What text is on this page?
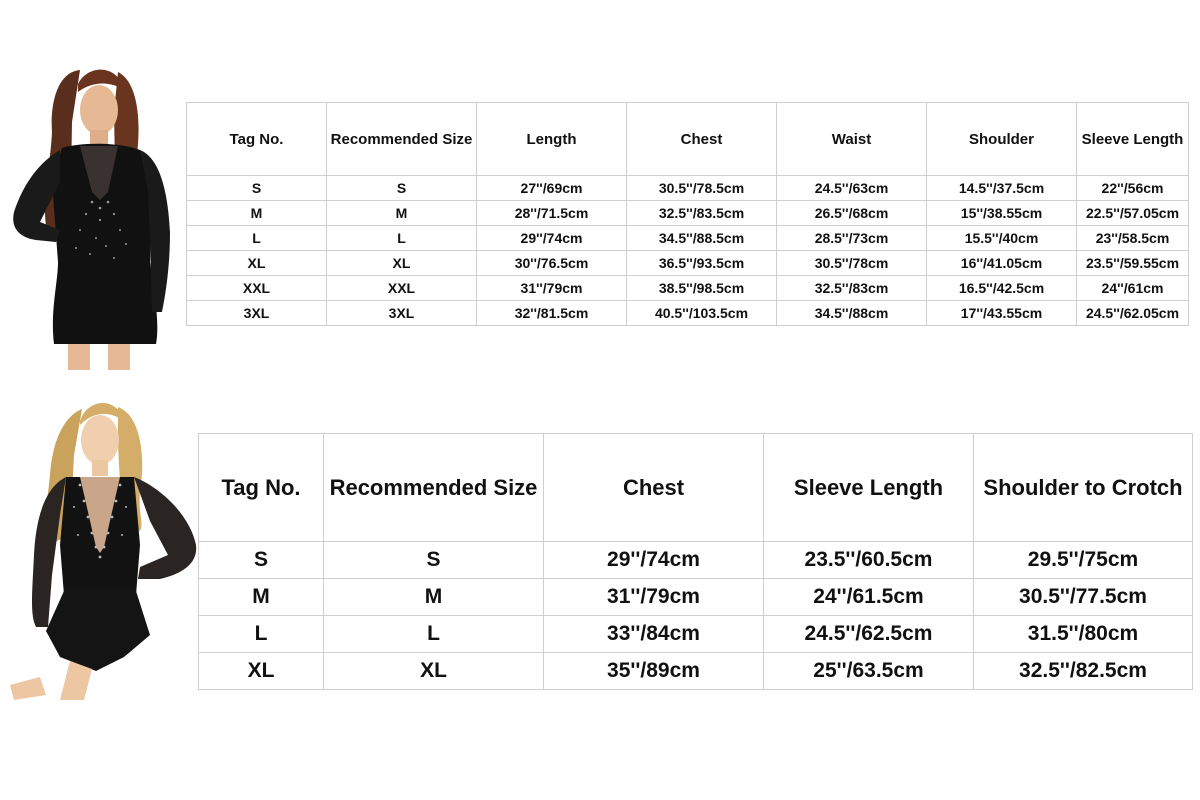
Tag No.	Recommended Size	Length	Chest	Waist	Shoulder	Sleeve Length
S	S	27''/69cm	30.5''/78.5cm	24.5''/63cm	14.5''/37.5cm	22''/56cm
M	M	28''/71.5cm	32.5''/83.5cm	26.5''/68cm	15''/38.55cm	22.5''/57.05cm
L	L	29''/74cm	34.5''/88.5cm	28.5''/73cm	15.5''/40cm	23''/58.5cm
XL	XL	30''/76.5cm	36.5''/93.5cm	30.5''/78cm	16''/41.05cm	23.5''/59.55cm
XXL	XXL	31''/79cm	38.5''/98.5cm	32.5''/83cm	16.5''/42.5cm	24''/61cm
3XL	3XL	32''/81.5cm	40.5''/103.5cm	34.5''/88cm	17''/43.55cm	24.5''/62.05cm
Tag No.	Recommended Size	Chest	Sleeve Length	Shoulder to Crotch
S	S	29''/74cm	23.5''/60.5cm	29.5''/75cm
M	M	31''/79cm	24''/61.5cm	30.5''/77.5cm
L	L	33''/84cm	24.5''/62.5cm	31.5''/80cm
XL	XL	35''/89cm	25''/63.5cm	32.5''/82.5cm
